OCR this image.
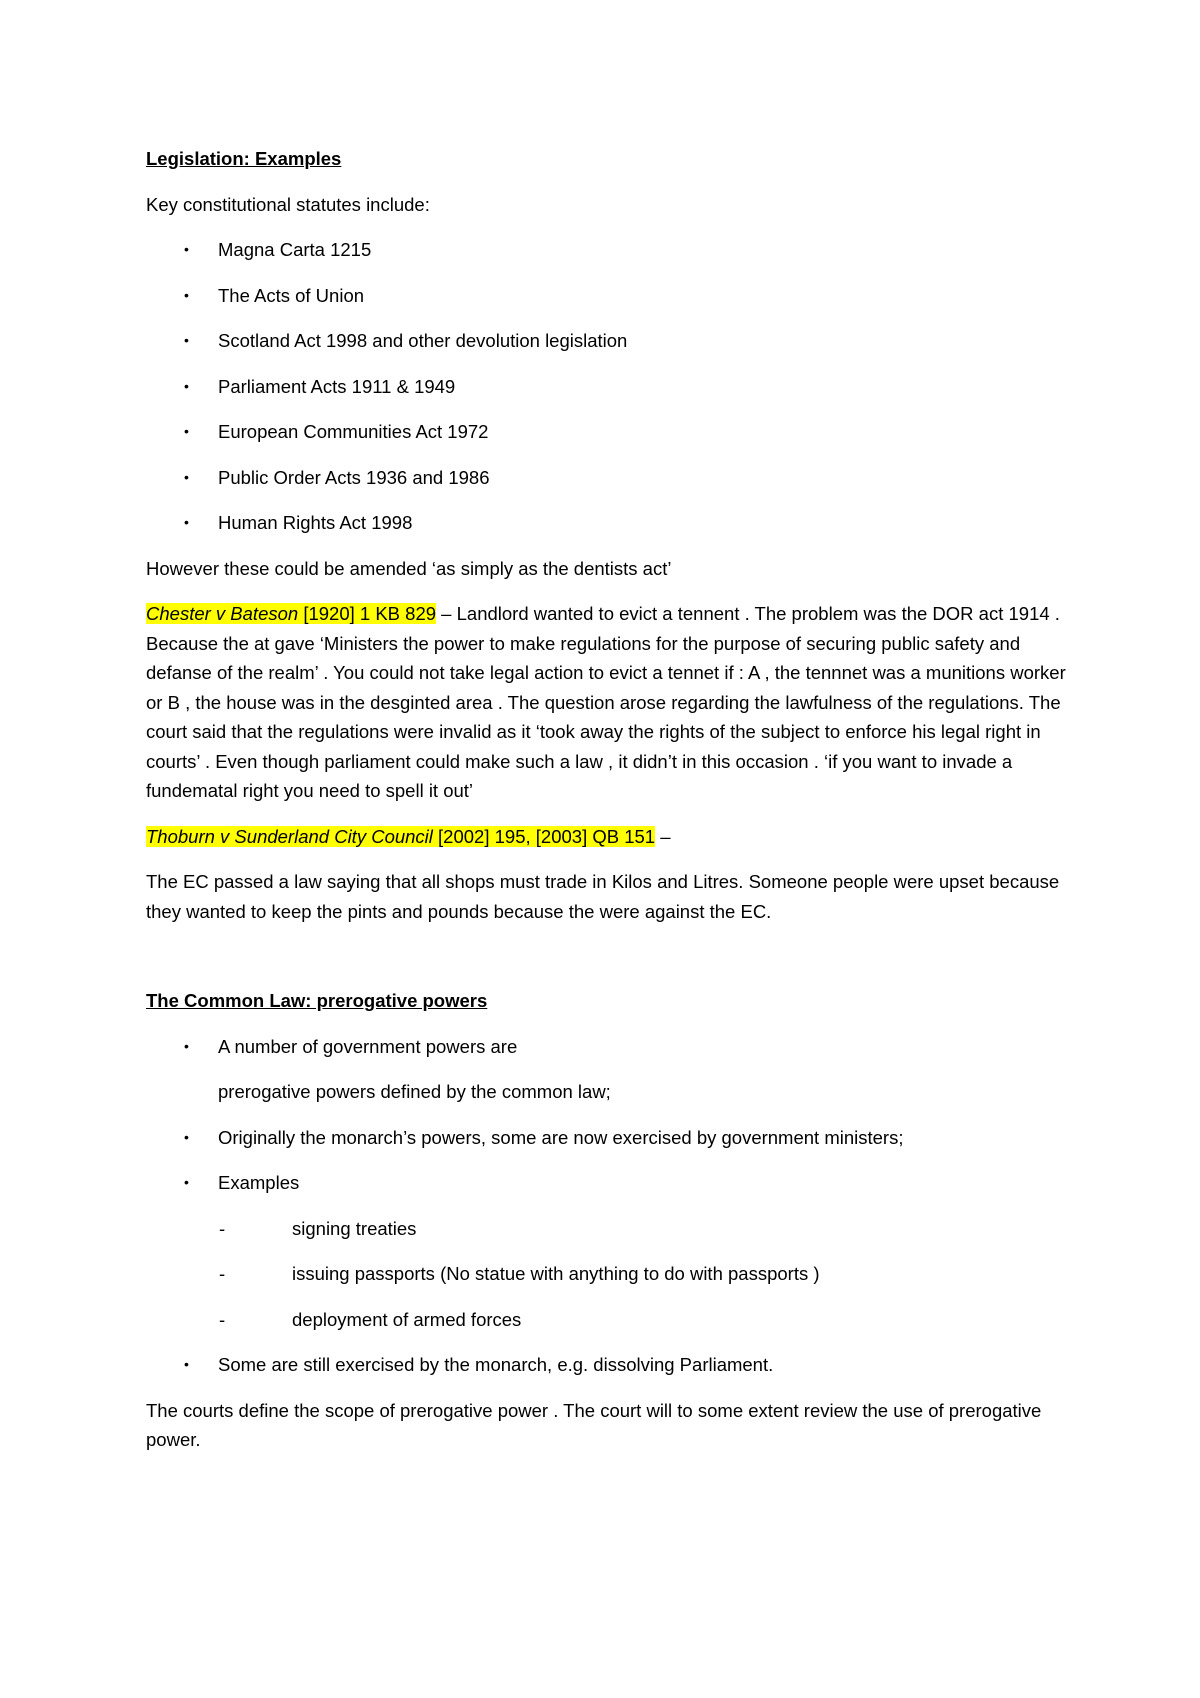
Legislation: Examples
Key constitutional statutes include:
• Magna Carta 1215
• The Acts of Union
• Scotland Act 1998 and other devolution legislation
• Parliament Acts 1911 & 1949
• European Communities Act 1972
• Public Order Acts 1936 and 1986
• Human Rights Act 1998
However these could be amended ‘as simply as the dentists act’
Chester v Bateson [1920] 1 KB 829 – Landlord wanted to evict a tennent . The problem was the DOR act 1914 . Because the at gave ‘Ministers the power to make regulations for the purpose of securing public safety and defanse of the realm’ . You could not take legal action to evict a tennet if : A , the tennnet was a munitions worker or B , the house was in the desginted area . The question arose regarding the lawfulness of the regulations. The court said that the regulations were invalid as it ‘took away the rights of the subject to enforce his legal right in courts’ . Even though parliament could make such a law , it didn’t in this occasion . ‘if you want to invade a fundematal right you need to spell it out’
Thoburn v Sunderland City Council [2002] 195, [2003] QB 151 –
The EC passed a law saying that all shops must trade in Kilos and Litres. Someone people were upset because they wanted to keep the pints and pounds because the were against the EC.
The Common Law: prerogative powers
• A number of government powers are
prerogative powers defined by the common law;
• Originally the monarch’s powers, some are now exercised by government ministers;
• Examples
-	signing treaties
-	issuing passports (No statue with anything to do with passports )
-	deployment of armed forces
• Some are still exercised by the monarch, e.g. dissolving Parliament.
The courts define the scope of prerogative power . The court will to some extent review the use of prerogative power.
